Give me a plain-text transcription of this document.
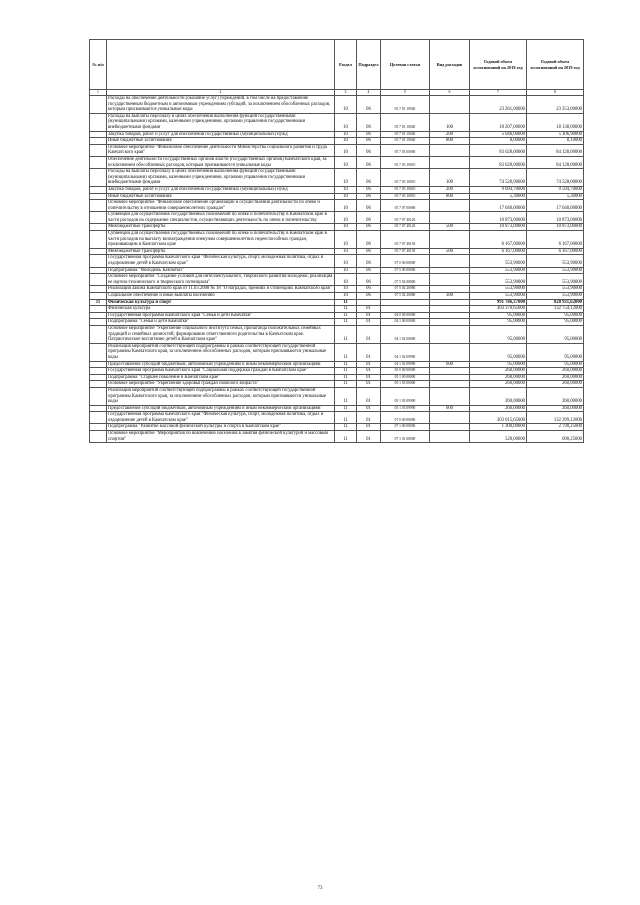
№ п/п		Раздел	Подраздел	Целевая статья	Вид расходов	Годовой объем ассигнований на 2018 год	Годовой объем ассигнований на 2019 год
1	2	3	4	5	6	7	8
	Расходы на обеспечение деятельности (оказание услуг) учреждений, в том числе на предоставление государственным бюджетным и автономным учреждениям субсидий, за исключением обособленных расходов, которым присваиваются уникальные коды	10	06	05 7 01 10040		23 261,00000	23 253,00000
	Расходы на выплаты персоналу в целях обеспечения выполнения функций государственными (муниципальными) органами, казенными учреждениями, органами управления государственными внебюджетными фондами	10	06	05 7 01 10040	100	18 207,00000	18 138,00000
	Закупка товаров, работ и услуг для обеспечения государственных (муниципальных) нужд	10	06	05 7 01 10040	200	5 046,00000	5 106,90000
	Иные бюджетные ассигнования	10	06	05 7 01 10040	800	8,00000	8,10000
	Основное мероприятие "Финансовое обеспечение деятельности Министерства социального развития и труда Камчатского края"	10	06	05 7 03 00000		83 628,00000	84 128,00000
	Обеспечение деятельности государственных органов власти (государственных органов) Камчатского края, за исключением обособленных расходов, которым присваиваются уникальные коды	10	06	05 7 03 10010		83 628,00000	84 128,00000
	Расходы на выплаты персоналу в целях обеспечения выполнения функций государственными (муниципальными) органами, казенными учреждениями, органами управления государственными внебюджетными фондами	10	06	05 7 03 10010	100	74 528,00000	74 528,00000
	Закупка товаров, работ и услуг для обеспечения государственных (муниципальных) нужд	10	06	05 7 03 10010	200	9 094,70000	9 594,70000
	Иные бюджетные ассигнования	10	06	05 7 03 10010	800	5,30000	5,30000
	Основное мероприятие "Финансовое обеспечение организации и осуществления деятельности по опеке и попечительству в отношении совершеннолетних граждан"	10	06	05 7 07 00000		17 040,00000	17 040,00000
	Субвенции для осуществления государственных полномочий по опеке и попечительству в Камчатском крае в части расходов на содержание специалистов, осуществляющих деятельность по опеке и попечительству	10	06	05 7 07 40120		10 873,00000	10 873,00000
	Межбюджетные трансферты	10	06	05 7 07 40120	500	10 873,00000	10 873,00000
	Субвенции для осуществления государственных полномочий по опеке и попечительству в Камчатском крае в части расходов на выплату вознаграждения опекунам совершеннолетних недееспособных граждан, проживающим в Камчатском крае	10	06	05 7 07 40150		6 167,00000	6 167,00000
	Межбюджетные трансферты	10	06	05 7 07 40150	500	6 167,00000	6 167,00000
	Государственная программа Камчатского края "Физическая культура, спорт, молодежная политика, отдых и оздоровление детей в Камчатском крае"	10	06	07 0 00 00000		553,90000	553,90000
	Подпрограмма "Молодежь Камчатки"	10	06	07 5 00 00000		553,90000	553,90000
	Основное мероприятие "Создание условий для интеллектуального, творческого развития молодежи, реализация ее научно-технического и творческого потенциала"	10	06	07 5 02 00000		553,90000	553,90000
	Реализация Закона Камчатского края от 11.03.2008 № 18 "О наградах, премиях и стипендиях Камчатского края"	10	06	07 5 02 20080		553,90000	553,90000
	Социальное обеспечение и иные выплаты населению	10	06	07 5 02 20080	300	553,90000	553,90000
11	Физическая культура и спорт	11				991 786,37000	828 931,62000
	Физическая культура	11	01			303 370,65000	132 754,12000
	Государственная программа Камчатского края "Семья и дети Камчатки"	11	01	04 0 00 00000		95,00000	95,00000
	Подпрограмма "Семья и дети Камчатки"	11	01	04 1 00 00000		95,00000	95,00000
	Основное мероприятие "Укрепление социального института семьи, пропаганда положительных семейных традиций и семейных ценностей, формирование ответственного родительства в Камчатском крае. Патриотическое воспитание детей в Камчатском крае"	11	01	04 1 02 00000		95,00000	95,00000
	Реализация мероприятий соответствующей подпрограммы в рамках соответствующей государственной программы Камчатского края, за исключением обособленных расходов, которым присваиваются уникальные коды	11	01	04 1 02 09990		95,00000	95,00000
	Предоставление субсидий бюджетным, автономным учреждениям и иным некоммерческим организациям	11	01	04 1 02 09990	600	95,00000	95,00000
	Государственная программа Камчатского края "Социальная поддержка граждан в Камчатском крае"	11	01	05 0 00 00000		260,00000	260,00000
	Подпрограмма "Старшее поколение в Камчатском крае"	11	01	05 1 00 00000		260,00000	260,00000
	Основное мероприятие "Укрепление здоровья граждан пожилого возраста"	11	01	05 1 03 00000		260,00000	260,00000
	Реализация мероприятий соответствующей подпрограммы в рамках соответствующей государственной программы Камчатского края, за исключением обособленных расходов, которым присваиваются уникальные коды	11	01	05 1 03 09990		260,00000	260,00000
	Предоставление субсидий бюджетным, автономным учреждениям и иным некоммерческим организациям	11	01	05 1 03 09990	600	260,00000	260,00000
	Государственная программа Камчатского края "Физическая культура, спорт, молодежная политика, отдых и оздоровление детей в Камчатском крае"	11	01	07 0 00 00000		303 015,65000	132 399,12000
	Подпрограмма "Развитие массовой физической культуры и спорта в Камчатском крае"	11	01	07 1 00 00000		1 300,00000	2 790,25000
	Основное мероприятие "Мероприятия по вовлечению населения в занятия физической культурой и массовым спортом"	11	01	07 1 01 00000		520,00000	690,25000
73
